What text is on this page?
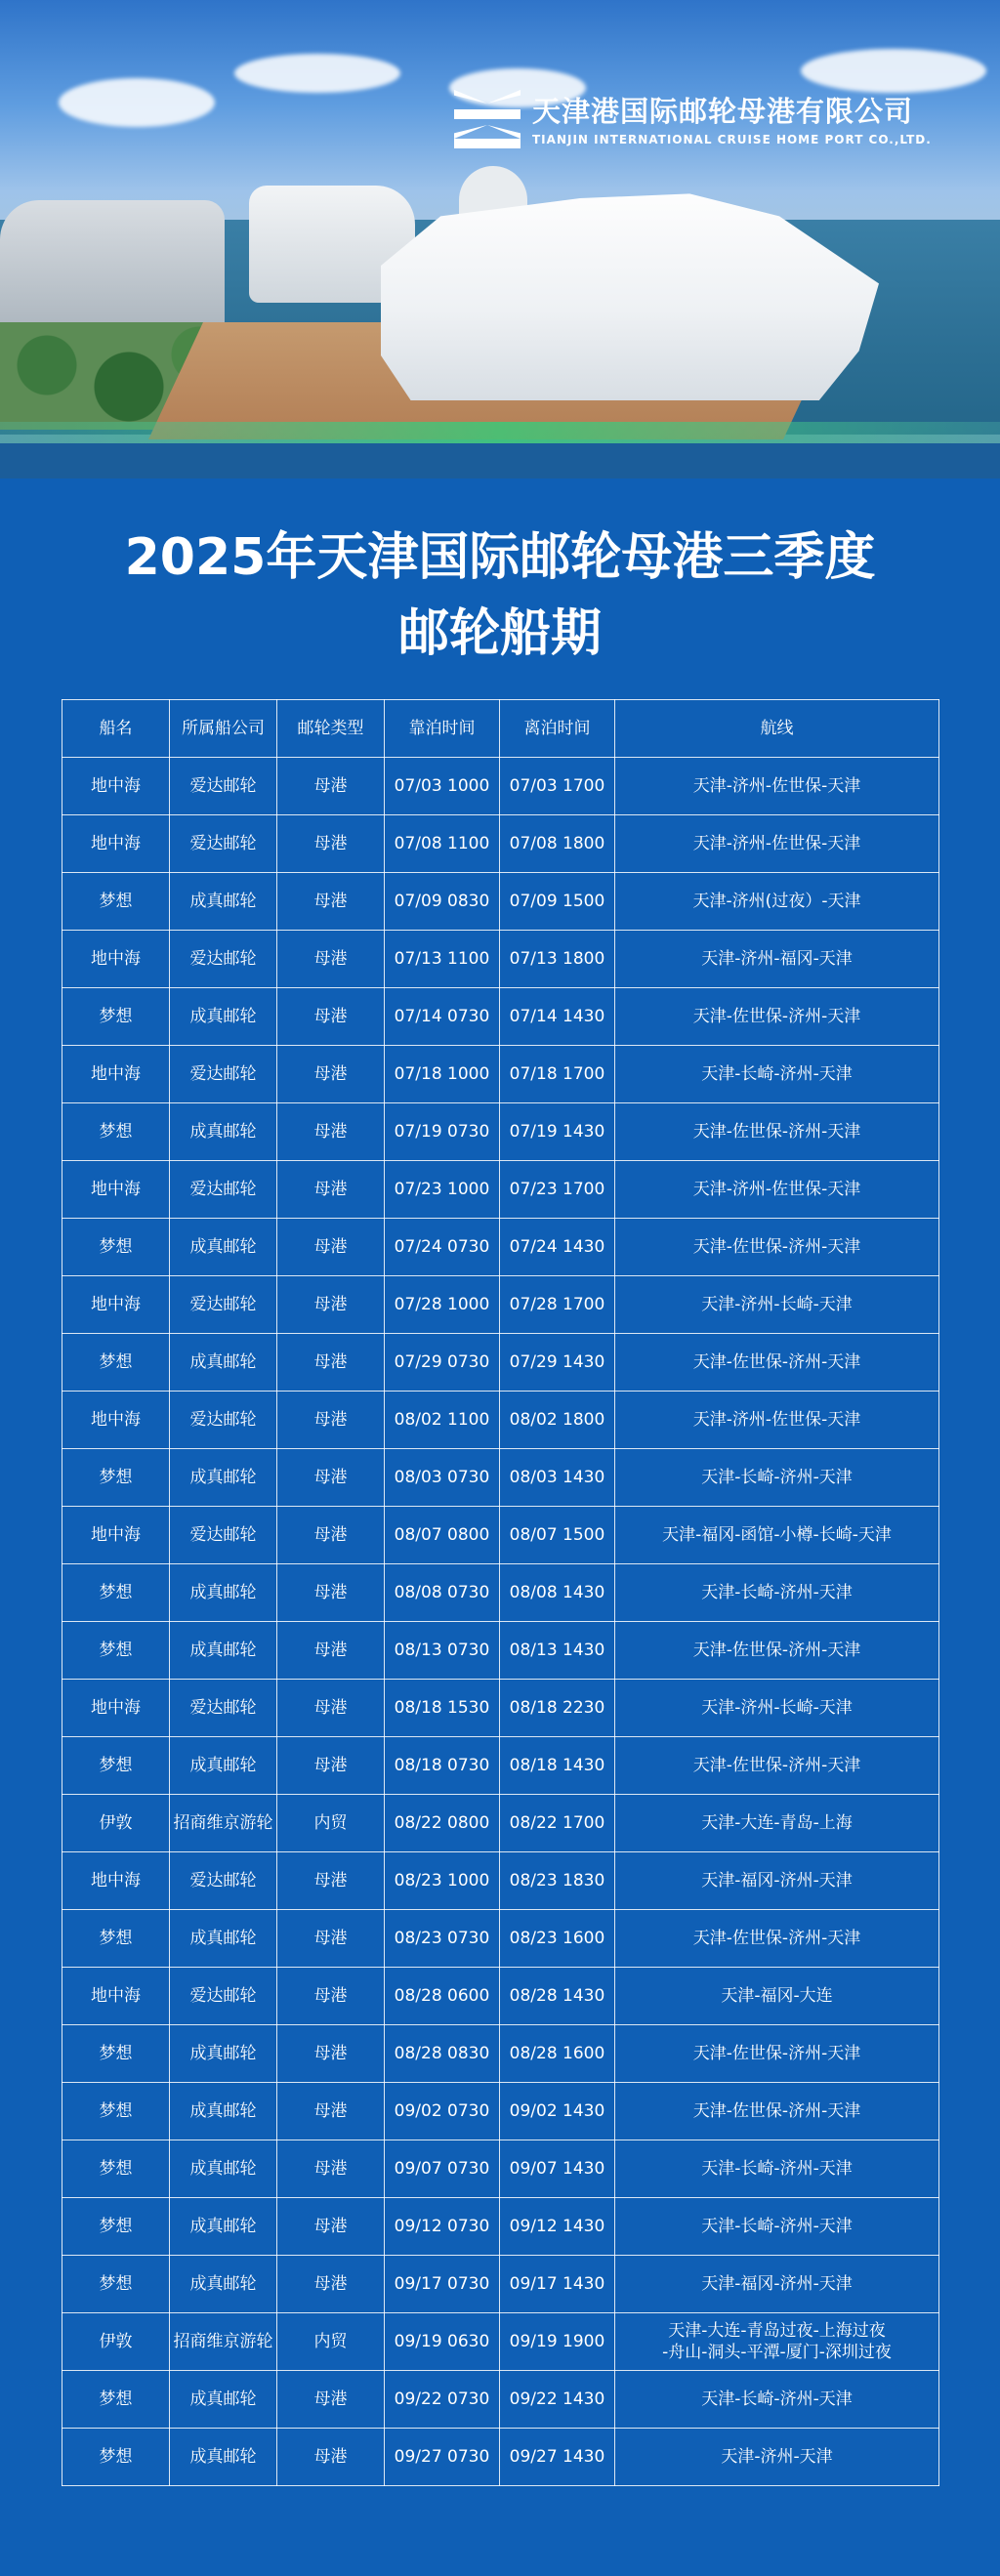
天津港国际邮轮母港有限公司
TIANJIN INTERNATIONAL CRUISE HOME PORT CO.,LTD.
2025年天津国际邮轮母港三季度
邮轮船期
船名	所属船公司	邮轮类型	靠泊时间	离泊时间	航线
地中海	爱达邮轮	母港	07/03 1000	07/03 1700	天津-济州-佐世保-天津
地中海	爱达邮轮	母港	07/08 1100	07/08 1800	天津-济州-佐世保-天津
梦想	成真邮轮	母港	07/09 0830	07/09 1500	天津-济州(过夜）-天津
地中海	爱达邮轮	母港	07/13 1100	07/13 1800	天津-济州-福冈-天津
梦想	成真邮轮	母港	07/14 0730	07/14 1430	天津-佐世保-济州-天津
地中海	爱达邮轮	母港	07/18 1000	07/18 1700	天津-长崎-济州-天津
梦想	成真邮轮	母港	07/19 0730	07/19 1430	天津-佐世保-济州-天津
地中海	爱达邮轮	母港	07/23 1000	07/23 1700	天津-济州-佐世保-天津
梦想	成真邮轮	母港	07/24 0730	07/24 1430	天津-佐世保-济州-天津
地中海	爱达邮轮	母港	07/28 1000	07/28 1700	天津-济州-长崎-天津
梦想	成真邮轮	母港	07/29 0730	07/29 1430	天津-佐世保-济州-天津
地中海	爱达邮轮	母港	08/02 1100	08/02 1800	天津-济州-佐世保-天津
梦想	成真邮轮	母港	08/03 0730	08/03 1430	天津-长崎-济州-天津
地中海	爱达邮轮	母港	08/07 0800	08/07 1500	天津-福冈-函馆-小樽-长崎-天津
梦想	成真邮轮	母港	08/08 0730	08/08 1430	天津-长崎-济州-天津
梦想	成真邮轮	母港	08/13 0730	08/13 1430	天津-佐世保-济州-天津
地中海	爱达邮轮	母港	08/18 1530	08/18 2230	天津-济州-长崎-天津
梦想	成真邮轮	母港	08/18 0730	08/18 1430	天津-佐世保-济州-天津
伊敦	招商维京游轮	内贸	08/22 0800	08/22 1700	天津-大连-青岛-上海
地中海	爱达邮轮	母港	08/23 1000	08/23 1830	天津-福冈-济州-天津
梦想	成真邮轮	母港	08/23 0730	08/23 1600	天津-佐世保-济州-天津
地中海	爱达邮轮	母港	08/28 0600	08/28 1430	天津-福冈-大连
梦想	成真邮轮	母港	08/28 0830	08/28 1600	天津-佐世保-济州-天津
梦想	成真邮轮	母港	09/02 0730	09/02 1430	天津-佐世保-济州-天津
梦想	成真邮轮	母港	09/07 0730	09/07 1430	天津-长崎-济州-天津
梦想	成真邮轮	母港	09/12 0730	09/12 1430	天津-长崎-济州-天津
梦想	成真邮轮	母港	09/17 0730	09/17 1430	天津-福冈-济州-天津
伊敦	招商维京游轮	内贸	09/19 0630	09/19 1900	天津-大连-青岛过夜-上海过夜
-舟山-洞头-平潭-厦门-深圳过夜
梦想	成真邮轮	母港	09/22 0730	09/22 1430	天津-长崎-济州-天津
梦想	成真邮轮	母港	09/27 0730	09/27 1430	天津-济州-天津
